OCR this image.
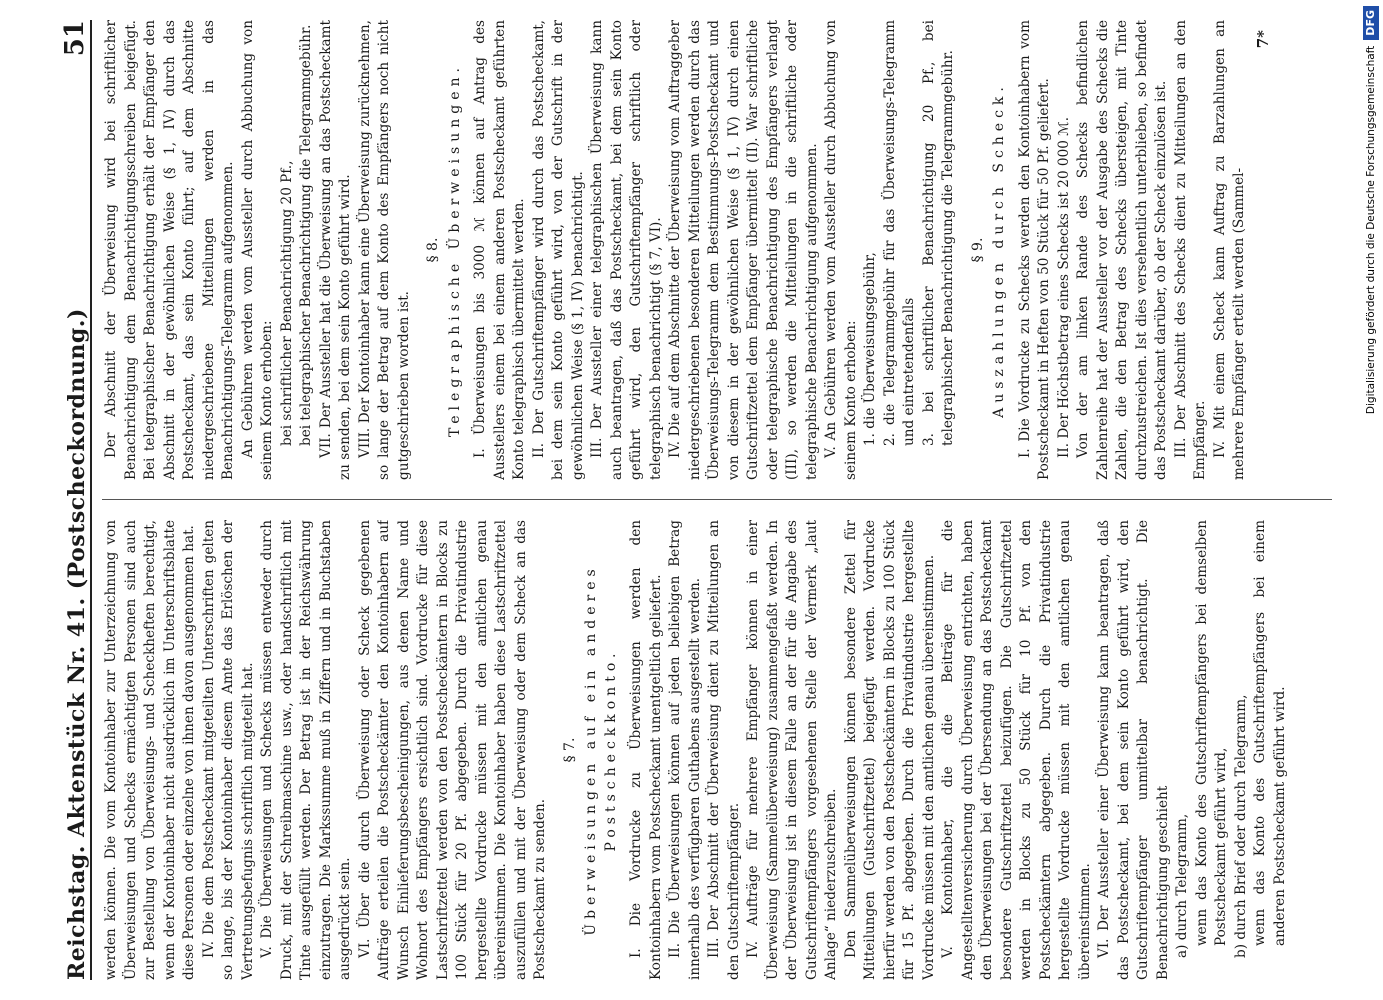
Reichstag. Aktenstück Nr. 41. (Postscheckordnung.)
51

werden können. Die vom Kontoinhaber zur Unterzeichnung von Überweisungen und Schecks ermächtigten Personen sind auch zur Bestellung von Überweisungs- und Scheckheften berechtigt, wenn der Kontoinhaber nicht ausdrücklich im Unterschriftsblatte diese Personen oder einzelne von ihnen davon ausgenommen hat. IV. Die dem Postscheckamt mitgeteilten Unterschriften gelten so lange, bis der Kontoinhaber diesem Amte das Erlöschen der Vertretungsbefugnis schriftlich mitgeteilt hat. V. Die Überweisungen und Schecks müssen entweder durch Druck, mit der Schreibmaschine usw., oder handschriftlich mit Tinte ausgefüllt werden. Der Betrag ist in der Reichswährung einzutragen. Die Markssumme muß in Ziffern und in Buchstaben ausgedrückt sein. VI. Über die durch Überweisung oder Scheck gegebenen Aufträge erteilen die Postscheckämter den Kontoinhabern auf Wunsch Einlieferungsbescheinigungen, aus denen Name und Wohnort des Empfängers ersichtlich sind. Vordrucke für diese Lastschriftzettel werden von den Postscheckämtern in Blocks zu 100 Stück für 20 Pf. abgegeben. Durch die Privatindustrie hergestellte Vordrucke müssen mit den amtlichen genau übereinstimmen. Die Kontoinhaber haben diese Lastschriftzettel auszufüllen und mit der Überweisung oder dem Scheck an das Postscheckamt zu senden.

§ 7. Überweisungen auf ein anderes Postscheckkonto. I. Die Vordrucke zu Überweisungen werden den Kontoinhabern vom Postscheckamt unentgeltlich geliefert. II. Die Überweisungen können auf jeden beliebigen Betrag innerhalb des verfügbaren Guthabens ausgestellt werden. III. Der Abschnitt der Überweisung dient zu Mitteilungen an den Gutschriftempfänger. IV. Aufträge für mehrere Empfänger können in einer Überweisung (Sammelüberweisung) zusammengefaßt werden. In der Überweisung ist in diesem Falle an der für die Angabe des Gutschriftempfängers vorgesehenen Stelle der Vermerk „laut Anlage“ niederzuschreiben. Den Sammelüberweisungen können besondere Zettel für Mitteilungen (Gutschriftzettel) beigefügt werden. Vordrucke hierfür werden von den Postscheckämtern in Blocks zu 100 Stück für 15 Pf. abgegeben. Durch die Privatindustrie hergestellte Vordrucke müssen mit den amtlichen genau übereinstimmen. V. Kontoinhaber, die die Beiträge für die Angestelltenversicherung durch Überweisung entrichten, haben den Überweisungen bei der Übersendung an das Postscheckamt besondere Gutschriftzettel beizufügen. Die Gutschriftzettel werden in Blocks zu 50 Stück für 10 Pf. von den Postscheckämtern abgegeben. Durch die Privatindustrie hergestellte Vordrucke müssen mit den amtlichen genau übereinstimmen. VI. Der Aussteller einer Überweisung kann beantragen, daß das Postscheckamt, bei dem sein Konto geführt wird, den Gutschriftempfänger unmittelbar benachrichtigt. Die Benachrichtigung geschieht a) durch Telegramm, wenn das Konto des Gutschriftempfängers bei demselben Postscheckamt geführt wird, b) durch Brief oder durch Telegramm, wenn das Konto des Gutschriftempfängers bei einem anderen Postscheckamt geführt wird.

Der Abschnitt der Überweisung wird bei schriftlicher Benachrichtigung dem Benachrichtigungsschreiben beigefügt. Bei telegraphischer Benachrichtigung erhält der Empfänger den Abschnitt in der gewöhnlichen Weise (§ 1, IV) durch das Postscheckamt, das sein Konto führt; auf dem Abschnitte niedergeschriebene Mitteilungen werden in das Benachrichtigungs-Telegramm aufgenommen. An Gebühren werden vom Aussteller durch Abbuchung von seinem Konto erhoben: bei schriftlicher Benachrichtigung 20 Pf., bei telegraphischer Benachrichtigung die Telegrammgebühr. VII. Der Aussteller hat die Überweisung an das Postscheckamt zu senden, bei dem sein Konto geführt wird. VIII. Der Kontoinhaber kann eine Überweisung zurücknehmen, so lange der Betrag auf dem Konto des Empfängers noch nicht gutgeschrieben worden ist.

§ 8. Telegraphische Überweisungen. I. Überweisungen bis 3000 ℳ können auf Antrag des Ausstellers einem bei einem anderen Postscheckamt geführten Konto telegraphisch übermittelt werden. II. Der Gutschriftempfänger wird durch das Postscheckamt, bei dem sein Konto geführt wird, von der Gutschrift in der gewöhnlichen Weise (§ 1, IV) benachrichtigt. III. Der Aussteller einer telegraphischen Überweisung kann auch beantragen, daß das Postscheckamt, bei dem sein Konto geführt wird, den Gutschriftempfänger schriftlich oder telegraphisch benachrichtigt (§ 7, VI). IV. Die auf dem Abschnitte der Überweisung vom Auftraggeber niedergeschriebenen besonderen Mitteilungen werden durch das Überweisungs-Telegramm dem Bestimmungs-Postscheckamt und von diesem in der gewöhnlichen Weise (§ 1, IV) durch einen Gutschriftzettel dem Empfänger übermittelt (II). War schriftliche oder telegraphische Benachrichtigung des Empfängers verlangt (III), so werden die Mitteilungen in die schriftliche oder telegraphische Benachrichtigung aufgenommen. V. An Gebühren werden vom Aussteller durch Abbuchung von seinem Konto erhoben: 1. die Überweisungsgebühr, 2. die Telegrammgebühr für das Überweisungs-Telegramm und eintretendenfalls 3. bei schriftlicher Benachrichtigung 20 Pf., bei telegraphischer Benachrichtigung die Telegrammgebühr. § 9. Auszahlungen durch Scheck. I. Die Vordrucke zu Schecks werden den Kontoinhabern vom Postscheckamt in Heften von 50 Stück für 50 Pf. geliefert. II. Der Höchstbetrag eines Schecks ist 20 000 ℳ. Von der am linken Rande des Schecks befindlichen Zahlenreihe hat der Aussteller vor der Ausgabe des Schecks die Zahlen, die den Betrag des Schecks übersteigen, mit Tinte durchzustreichen. Ist dies versehentlich unterblieben, so befindet das Postscheckamt darüber, ob der Scheck einzulösen ist. III. Der Abschnitt des Schecks dient zu Mitteilungen an den Empfänger. IV. Mit einem Scheck kann Auftrag zu Barzahlungen an mehrere Empfänger erteilt werden (Sammel-

7*
Digitalisierung gefördert durch die Deutsche Forschungsgemeinschaft
DFG
